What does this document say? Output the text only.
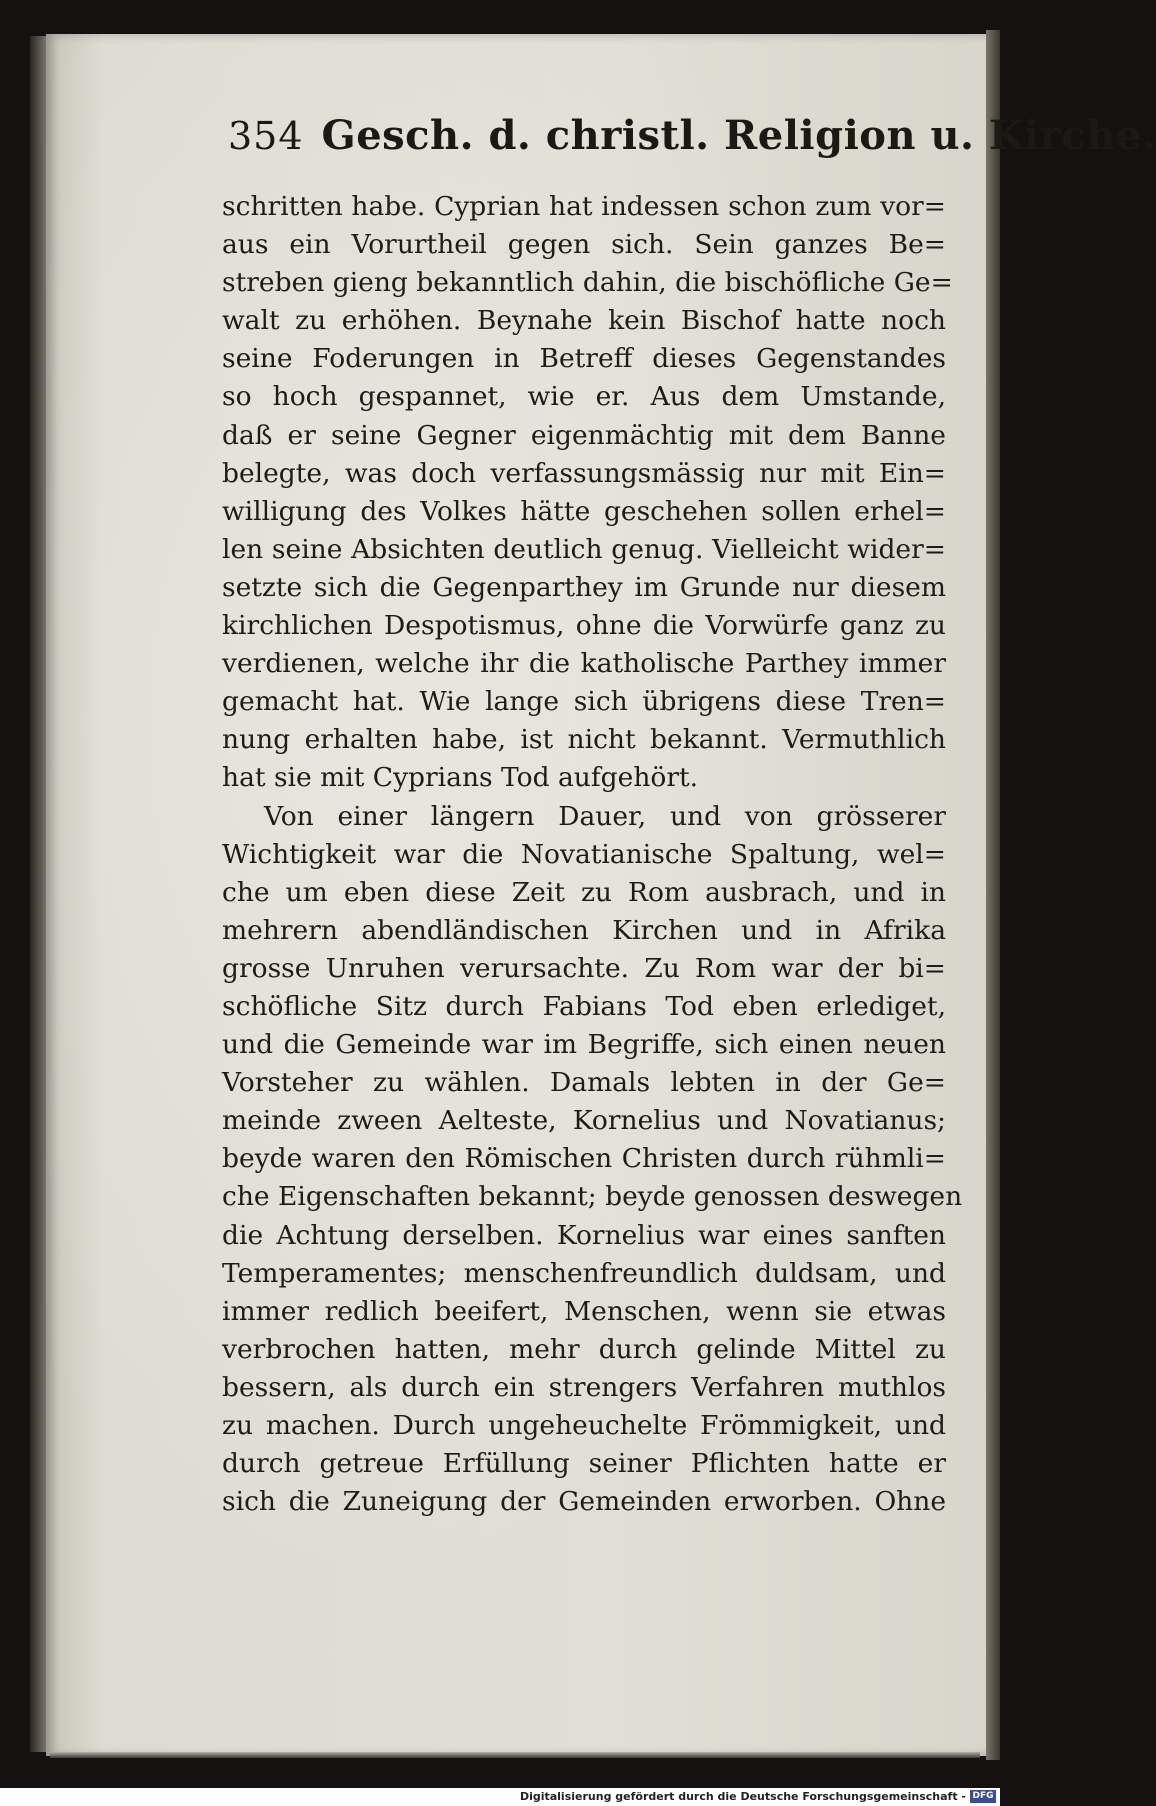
354 Gesch. d. christl. Religion u. Kirche.
schritten habe. Cyprian hat indessen schon zum vor=
aus ein Vorurtheil gegen sich. Sein ganzes Be=
streben gieng bekanntlich dahin, die bischöfliche Ge=
walt zu erhöhen. Beynahe kein Bischof hatte noch
seine Foderungen in Betreff dieses Gegenstandes
so hoch gespannet, wie er. Aus dem Umstande,
daß er seine Gegner eigenmächtig mit dem Banne
belegte, was doch verfassungsmässig nur mit Ein=
willigung des Volkes hätte geschehen sollen erhel=
len seine Absichten deutlich genug. Vielleicht wider=
setzte sich die Gegenparthey im Grunde nur diesem
kirchlichen Despotismus, ohne die Vorwürfe ganz zu
verdienen, welche ihr die katholische Parthey immer
gemacht hat. Wie lange sich übrigens diese Tren=
nung erhalten habe, ist nicht bekannt. Vermuthlich
hat sie mit Cyprians Tod aufgehört.
Von einer längern Dauer, und von grösserer
Wichtigkeit war die Novatianische Spaltung, wel=
che um eben diese Zeit zu Rom ausbrach, und in
mehrern abendländischen Kirchen und in Afrika
grosse Unruhen verursachte. Zu Rom war der bi=
schöfliche Sitz durch Fabians Tod eben erlediget,
und die Gemeinde war im Begriffe, sich einen neuen
Vorsteher zu wählen. Damals lebten in der Ge=
meinde zween Aelteste, Kornelius und Novatianus;
beyde waren den Römischen Christen durch rühmli=
che Eigenschaften bekannt; beyde genossen deswegen
die Achtung derselben. Kornelius war eines sanften
Temperamentes; menschenfreundlich duldsam, und
immer redlich beeifert, Menschen, wenn sie etwas
verbrochen hatten, mehr durch gelinde Mittel zu
bessern, als durch ein strengers Verfahren muthlos
zu machen. Durch ungeheuchelte Frömmigkeit, und
durch getreue Erfüllung seiner Pflichten hatte er
sich die Zuneigung der Gemeinden erworben. Ohne
Digitalisierung gefördert durch die Deutsche Forschungsgemeinschaft - DFG
